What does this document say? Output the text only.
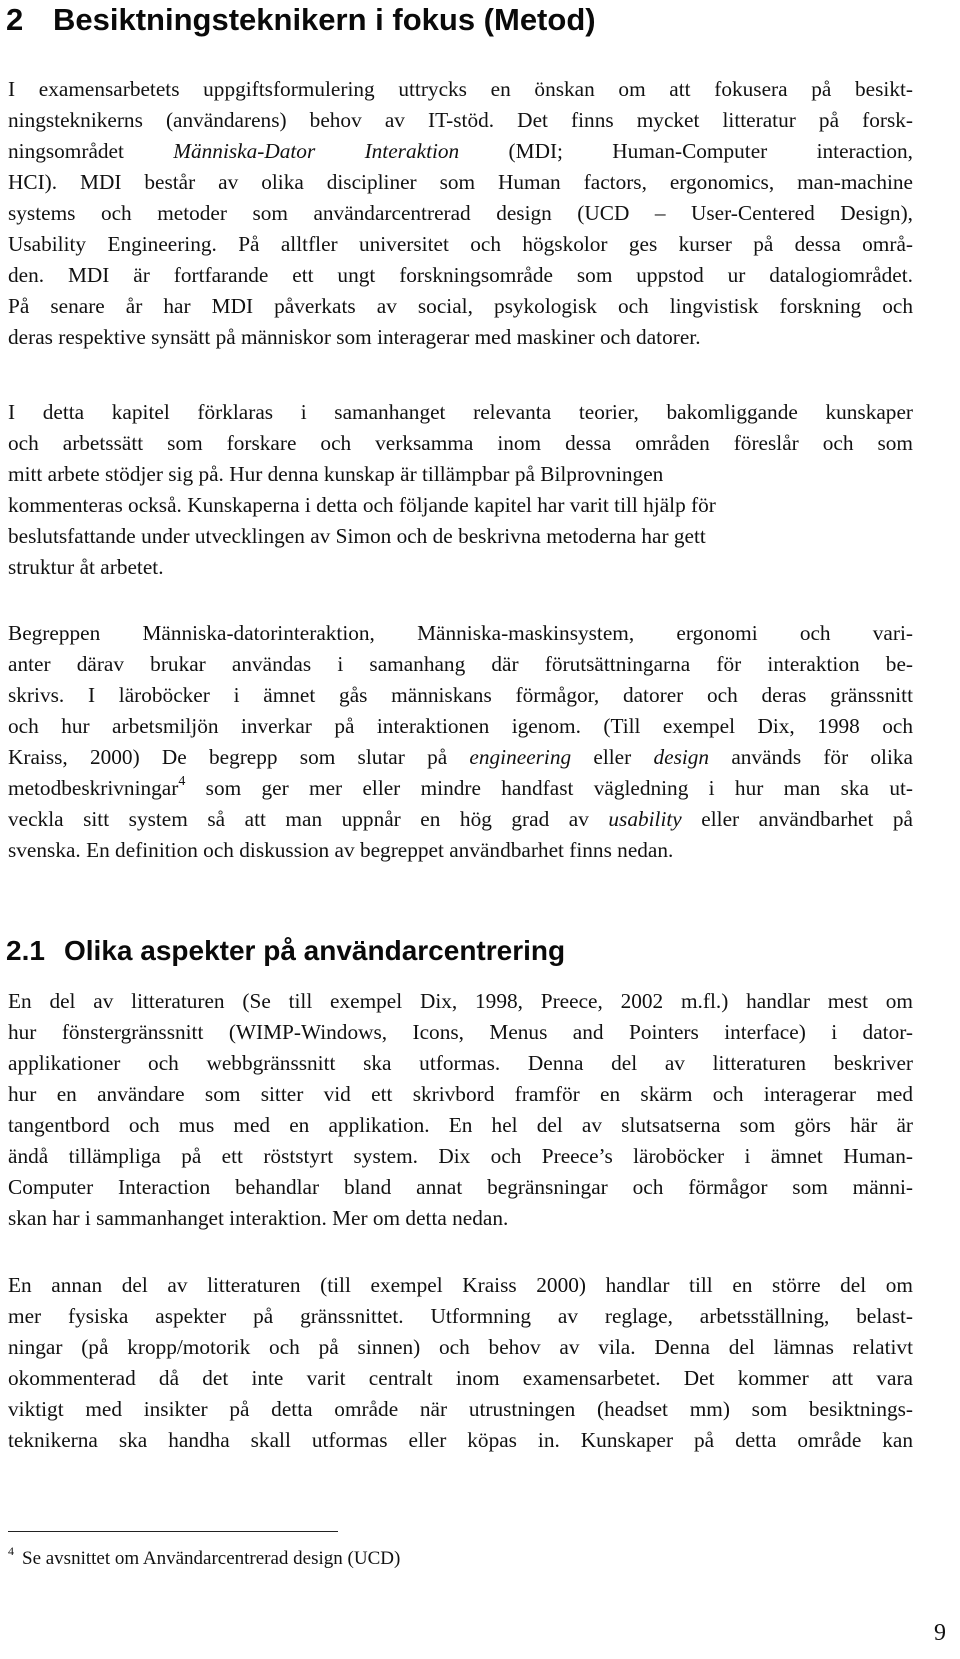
2 Besiktningsteknikern i fokus (Metod)
I examensarbetets uppgiftsformulering uttrycks en önskan om att fokusera på besikt-
ningsteknikerns (användarens) behov av IT-stöd. Det finns mycket litteratur på forsk-
ningsområdet Människa-Dator Interaktion (MDI; Human-Computer interaction,
HCI). MDI består av olika discipliner som Human factors, ergonomics, man-machine
systems och metoder som användarcentrerad design (UCD – User-Centered Design),
Usability Engineering. På alltfler universitet och högskolor ges kurser på dessa områ-
den. MDI är fortfarande ett ungt forskningsområde som uppstod ur datalogiområdet.
På senare år har MDI påverkats av social, psykologisk och lingvistisk forskning och
deras respektive synsätt på människor som interagerar med maskiner och datorer.
I detta kapitel förklaras i samanhanget relevanta teorier, bakomliggande kunskaper
och arbetssätt som forskare och verksamma inom dessa områden föreslår och som
mitt arbete stödjer sig på. Hur denna kunskap är tillämpbar på Bilprovningen
kommenteras också. Kunskaperna i detta och följande kapitel har varit till hjälp för
beslutsfattande under utvecklingen av Simon och de beskrivna metoderna har gett
struktur åt arbetet.
Begreppen Människa-datorinteraktion, Människa-maskinsystem, ergonomi och vari-
anter därav brukar användas i samanhang där förutsättningarna för interaktion be-
skrivs. I läroböcker i ämnet gås människans förmågor, datorer och deras gränssnitt
och hur arbetsmiljön inverkar på interaktionen igenom. (Till exempel Dix, 1998 och
Kraiss, 2000) De begrepp som slutar på engineering eller design används för olika
metodbeskrivningar$^4$ som ger mer eller mindre handfast vägledning i hur man ska ut-
veckla sitt system så att man uppnår en hög grad av usability eller användbarhet på
svenska. En definition och diskussion av begreppet användbarhet finns nedan.
2.1 Olika aspekter på användarcentrering
En del av litteraturen (Se till exempel Dix, 1998, Preece, 2002 m.fl.) handlar mest om
hur fönstergränssnitt (WIMP-Windows, Icons, Menus and Pointers interface) i dator-
applikationer och webbgränssnitt ska utformas. Denna del av litteraturen beskriver
hur en användare som sitter vid ett skrivbord framför en skärm och interagerar med
tangentbord och mus med en applikation. En hel del av slutsatserna som görs här är
ändå tillämpliga på ett röststyrt system. Dix och Preece’s läroböcker i ämnet Human-
Computer Interaction behandlar bland annat begränsningar och förmågor som männi-
skan har i sammanhanget interaktion. Mer om detta nedan.
En annan del av litteraturen (till exempel Kraiss 2000) handlar till en större del om
mer fysiska aspekter på gränssnittet. Utformning av reglage, arbetsställning, belast-
ningar (på kropp/motorik och på sinnen) och behov av vila. Denna del lämnas relativt
okommenterad då det inte varit centralt inom examensarbetet. Det kommer att vara
viktigt med insikter på detta område när utrustningen (headset mm) som besiktnings-
teknikerna ska handha skall utformas eller köpas in. Kunskaper på detta område kan
$^4$ Se avsnittet om Användarcentrerad design (UCD)
9
